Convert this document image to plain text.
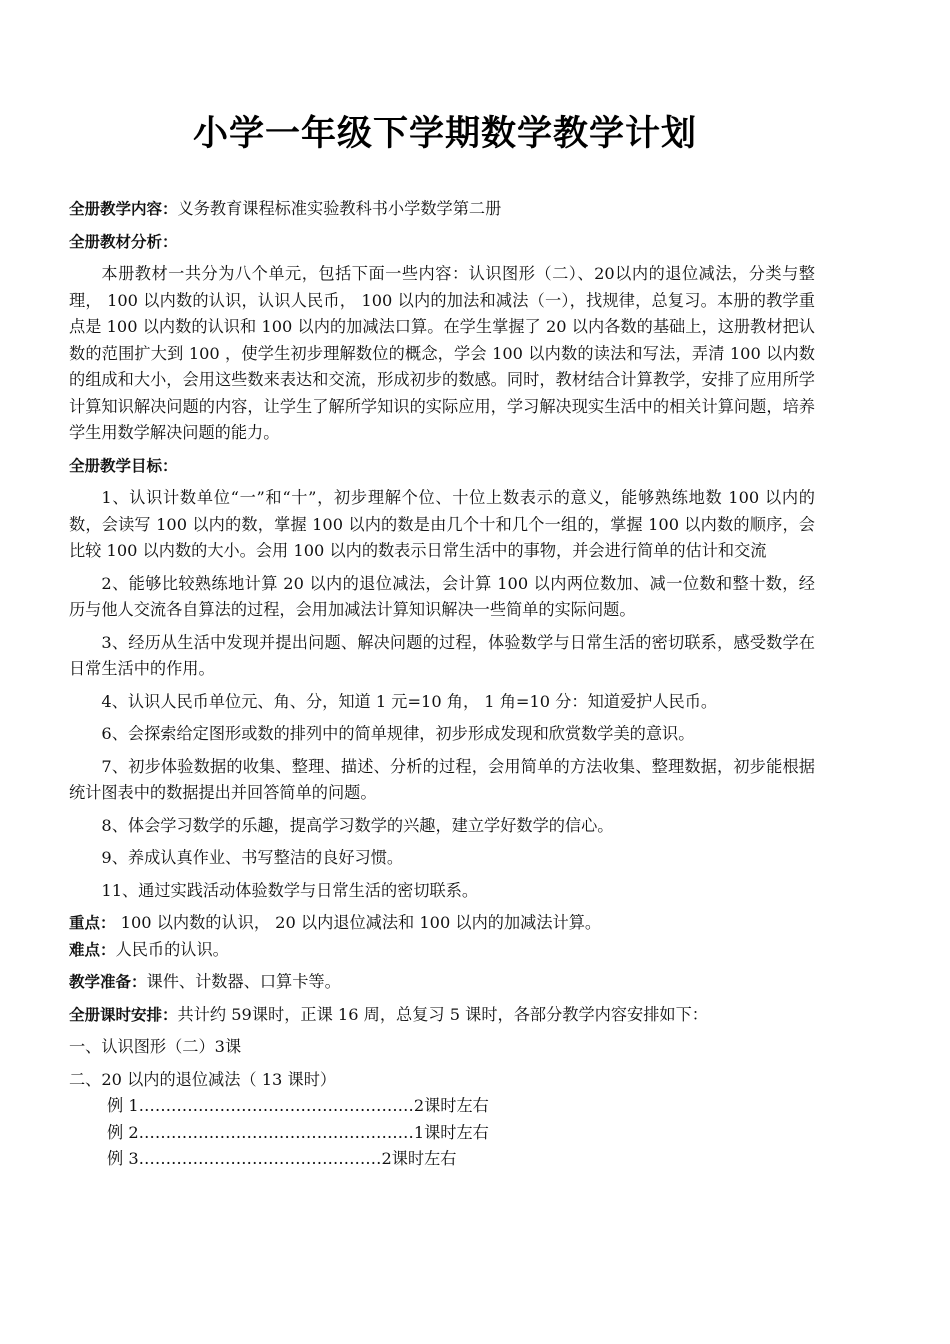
小学一年级下学期数学教学计划

全册教学内容：义务教育课程标准实验教科书小学数学第二册

全册教材分析：

本册教材一共分为八个单元，包括下面一些内容：认识图形（二）、20以内的退位减法，分类与整理， 100 以内数的认识，认识人民币， 100 以内的加法和减法（一），找规律，总复习。本册的教学重点是 100 以内数的认识和 100 以内的加减法口算。在学生掌握了 20 以内各数的基础上，这册教材把认数的范围扩大到 100 ，使学生初步理解数位的概念，学会 100 以内数的读法和写法，弄清 100 以内数的组成和大小，会用这些数来表达和交流，形成初步的数感。同时，教材结合计算教学，安排了应用所学计算知识解决问题的内容，让学生了解所学知识的实际应用，学习解决现实生活中的相关计算问题，培养学生用数学解决问题的能力。

全册教学目标：

1、认识计数单位“一”和“十”，初步理解个位、十位上数表示的意义，能够熟练地数 100 以内的数，会读写 100 以内的数，掌握 100 以内的数是由几个十和几个一组的，掌握 100 以内数的顺序，会比较 100 以内数的大小。会用 100 以内的数表示日常生活中的事物，并会进行简单的估计和交流

2、能够比较熟练地计算 20 以内的退位减法，会计算 100 以内两位数加、减一位数和整十数，经历与他人交流各自算法的过程，会用加减法计算知识解决一些简单的实际问题。

3、经历从生活中发现并提出问题、解决问题的过程，体验数学与日常生活的密切联系，感受数学在日常生活中的作用。

4、认识人民币单位元、角、分，知道 1 元=10 角， 1 角=10 分：知道爱护人民币。

6、会探索给定图形或数的排列中的简单规律，初步形成发现和欣赏数学美的意识。

7、初步体验数据的收集、整理、描述、分析的过程，会用简单的方法收集、整理数据，初步能根据统计图表中的数据提出并回答简单的问题。

8、体会学习数学的乐趣，提高学习数学的兴趣，建立学好数学的信心。

9、养成认真作业、书写整洁的良好习惯。

11、通过实践活动体验数学与日常生活的密切联系。

重点： 100 以内数的认识， 20 以内退位减法和 100 以内的加减法计算。

难点：人民币的认识。

教学准备：课件、计数器、口算卡等。

全册课时安排：共计约 59课时，正课 16 周，总复习 5 课时，各部分教学内容安排如下：

一、认识图形（二）3课

二、20 以内的退位减法（ 13 课时）

例 1……………………………………………2课时左右

例 2……………………………………………1课时左右

例 3………………………………………2课时左右
